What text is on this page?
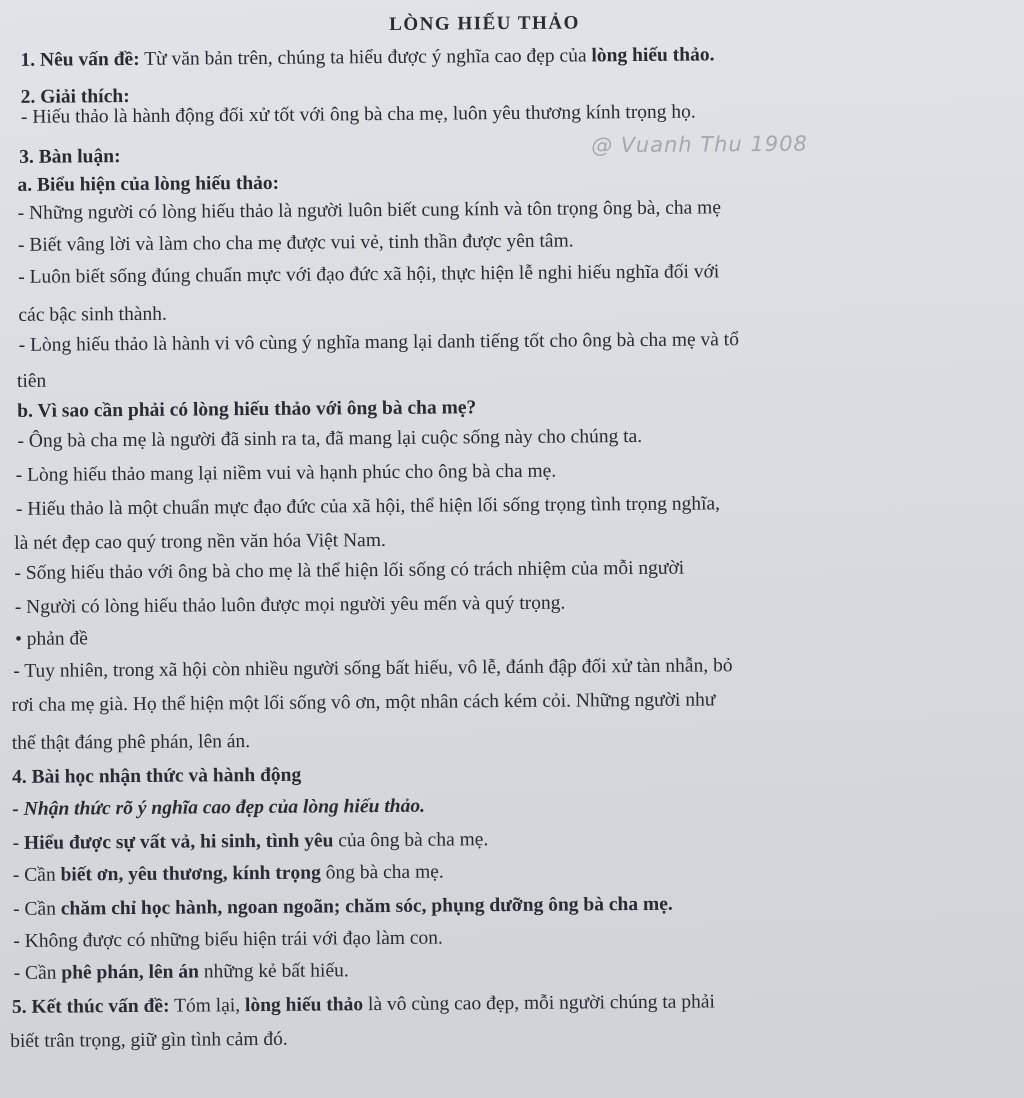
LÒNG HIẾU THẢO
@ Vuanh Thu 1908
1. Nêu vấn đề: Từ văn bản trên, chúng ta hiểu được ý nghĩa cao đẹp của lòng hiếu thảo.
2. Giải thích:
- Hiếu thảo là hành động đối xử tốt với ông bà cha mẹ, luôn yêu thương kính trọng họ.
3. Bàn luận:
a. Biểu hiện của lòng hiếu thảo:
- Những người có lòng hiếu thảo là người luôn biết cung kính và tôn trọng ông bà, cha mẹ
- Biết vâng lời và làm cho cha mẹ được vui vẻ, tinh thần được yên tâm.
- Luôn biết sống đúng chuẩn mực với đạo đức xã hội, thực hiện lễ nghi hiếu nghĩa đối với
các bậc sinh thành.
- Lòng hiếu thảo là hành vi vô cùng ý nghĩa mang lại danh tiếng tốt cho ông bà cha mẹ và tổ
tiên
b. Vì sao cần phải có lòng hiếu thảo với ông bà cha mẹ?
- Ông bà cha mẹ là người đã sinh ra ta, đã mang lại cuộc sống này cho chúng ta.
- Lòng hiếu thảo mang lại niềm vui và hạnh phúc cho ông bà cha mẹ.
- Hiếu thảo là một chuẩn mực đạo đức của xã hội, thể hiện lối sống trọng tình trọng nghĩa,
là nét đẹp cao quý trong nền văn hóa Việt Nam.
- Sống hiếu thảo với ông bà cho mẹ là thể hiện lối sống có trách nhiệm của mỗi người
- Người có lòng hiếu thảo luôn được mọi người yêu mến và quý trọng.
• phản đề
- Tuy nhiên, trong xã hội còn nhiều người sống bất hiếu, vô lễ, đánh đập đối xử tàn nhẫn, bỏ
rơi cha mẹ già. Họ thể hiện một lối sống vô ơn, một nhân cách kém cỏi. Những người như
thế thật đáng phê phán, lên án.
4. Bài học nhận thức và hành động
- Nhận thức rõ ý nghĩa cao đẹp của lòng hiếu thảo.
- Hiểu được sự vất vả, hi sinh, tình yêu của ông bà cha mẹ.
- Cần biết ơn, yêu thương, kính trọng ông bà cha mẹ.
- Cần chăm chỉ học hành, ngoan ngoãn; chăm sóc, phụng dưỡng ông bà cha mẹ.
- Không được có những biểu hiện trái với đạo làm con.
- Cần phê phán, lên án những kẻ bất hiếu.
5. Kết thúc vấn đề: Tóm lại, lòng hiếu thảo là vô cùng cao đẹp, mỗi người chúng ta phải
biết trân trọng, giữ gìn tình cảm đó.
